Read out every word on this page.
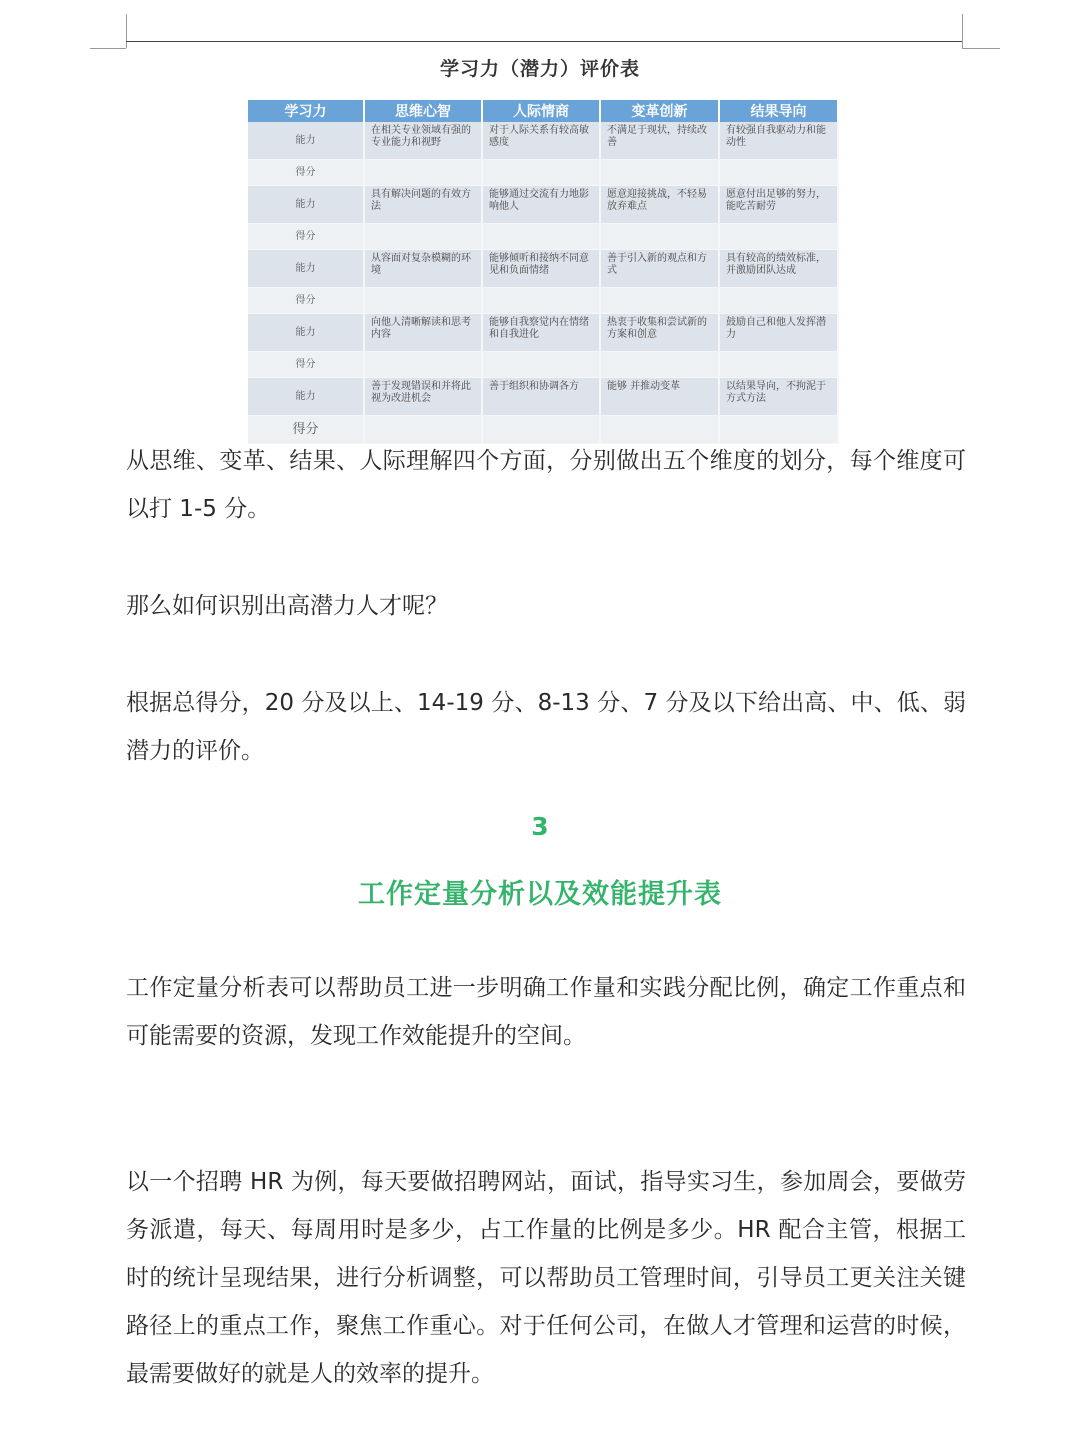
学习力（潜力）评价表
学习力	思维心智	人际情商	变革创新	结果导向
能力	在相关专业领域有强的专业能力和视野	对于人际关系有较高敏感度	不满足于现状，持续改善	有较强自我驱动力和能动性
得分				
能力	具有解决问题的有效方法	能够通过交流有力地影响他人	愿意迎接挑战，不轻易放弃难点	愿意付出足够的努力，能吃苦耐劳
得分				
能力	从容面对复杂模糊的环境	能够倾听和接纳不同意见和负面情绪	善于引入新的观点和方式	具有较高的绩效标准，并激励团队达成
得分				
能力	向他人清晰解读和思考内容	能够自我察觉内在情绪和自我进化	热衷于收集和尝试新的方案和创意	鼓励自己和他人发挥潜力
得分				
能力	善于发现错误和并将此视为改进机会	善于组织和协调各方	能够 并推动变革	以结果导向，不拘泥于方式方法
得分				

从思维、变革、结果、人际理解四个方面，分别做出五个维度的划分，每个维度可以打 1-5 分。

那么如何识别出高潜力人才呢？

根据总得分，20 分及以上、14-19 分、8-13 分、7 分及以下给出高、中、低、弱潜力的评价。

3
工作定量分析以及效能提升表

工作定量分析表可以帮助员工进一步明确工作量和实践分配比例，确定工作重点和可能需要的资源，发现工作效能提升的空间。

以一个招聘 HR 为例，每天要做招聘网站，面试，指导实习生，参加周会，要做劳务派遣，每天、每周用时是多少，占工作量的比例是多少。HR 配合主管，根据工时的统计呈现结果，进行分析调整，可以帮助员工管理时间，引导员工更关注关键路径上的重点工作，聚焦工作重心。对于任何公司，在做人才管理和运营的时候，最需要做好的就是人的效率的提升。
